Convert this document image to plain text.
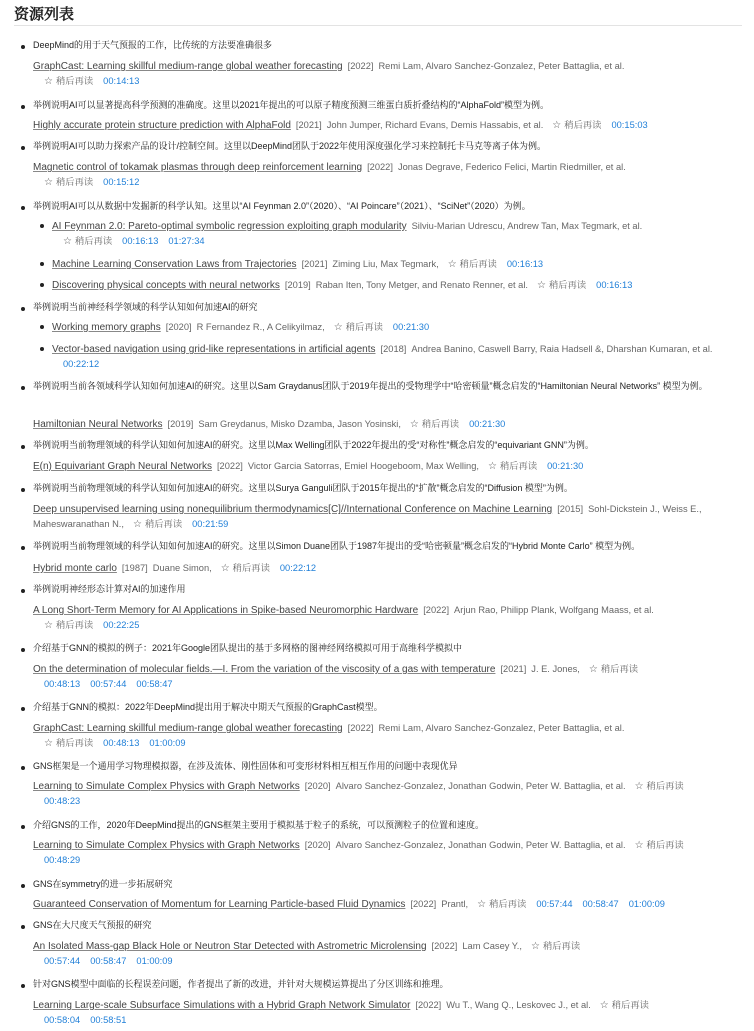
资源列表
DeepMind的用于天气预报的工作，比传统的方法要准确很多
GraphCast: Learning skillful medium-range global weather forecasting [2022] Remi Lam, Alvaro Sanchez-Gonzalez, Peter Battaglia, et al.
☆ 稍后再读 00:14:13
举例说明AI可以显著提高科学预测的准确度。这里以2021年提出的可以原子精度预测三维蛋白质折叠结构的“AlphaFold”模型为例。
Highly accurate protein structure prediction with AlphaFold [2021] John Jumper, Richard Evans, Demis Hassabis, et al. ☆ 稍后再读 00:15:03
举例说明AI可以助力探索产品的设计/控制空间。这里以DeepMind团队于2022年使用深度强化学习来控制托卡马克等离子体为例。
Magnetic control of tokamak plasmas through deep reinforcement learning [2022] Jonas Degrave, Federico Felici, Martin Riedmiller, et al.
☆ 稍后再读 00:15:12
举例说明AI可以从数据中发掘新的科学认知。这里以“AI Feynman 2.0”（2020）、“AI Poincare”（2021）、“SciNet”（2020）为例。
AI Feynman 2.0: Pareto-optimal symbolic regression exploiting graph modularity Silviu-Marian Udrescu, Andrew Tan, Max Tegmark, et al.
☆ 稍后再读 00:16:13 01:27:34
Machine Learning Conservation Laws from Trajectories [2021] Ziming Liu, Max Tegmark, ☆ 稍后再读 00:16:13
Discovering physical concepts with neural networks [2019] Raban Iten, Tony Metger, and Renato Renner, et al. ☆ 稍后再读 00:16:13
举例说明当前神经科学领域的科学认知如何加速AI的研究
Working memory graphs [2020] R Fernandez R., A Celikyilmaz, ☆ 稍后再读 00:21:30
Vector-based navigation using grid-like representations in artificial agents [2018] Andrea Banino, Caswell Barry, Raia Hadsell &, Dharshan Kumaran, et al.
00:22:12
举例说明当前各领域科学认知如何加速AI的研究。这里以Sam Graydanus团队于2019年提出的受物理学中“哈密顿量”概念启发的“Hamiltonian Neural Networks” 模型为例。
Hamiltonian Neural Networks [2019] Sam Greydanus, Misko Dzamba, Jason Yosinski, ☆ 稍后再读 00:21:30
举例说明当前物理领域的科学认知如何加速AI的研究。这里以Max Welling团队于2022年提出的受“对称性”概念启发的“equivariant GNN”为例。
E(n) Equivariant Graph Neural Networks [2022] Victor Garcia Satorras, Emiel Hoogeboom, Max Welling, ☆ 稍后再读 00:21:30
举例说明当前物理领域的科学认知如何加速AI的研究。这里以Surya Ganguli团队于2015年提出的“扩散”概念启发的“Diffusion 模型”为例。
Deep unsupervised learning using nonequilibrium thermodynamics[C]//International Conference on Machine Learning [2015] Sohl-Dickstein J., Weiss E., Maheswaranathan N., ☆ 稍后再读 00:21:59
举例说明当前物理领域的科学认知如何加速AI的研究。这里以Simon Duane团队于1987年提出的受“哈密顿量”概念启发的“Hybrid Monte Carlo” 模型为例。
Hybrid monte carlo [1987] Duane Simon, ☆ 稍后再读 00:22:12
举例说明神经形态计算对AI的加速作用
A Long Short-Term Memory for AI Applications in Spike-based Neuromorphic Hardware [2022] Arjun Rao, Philipp Plank, Wolfgang Maass, et al.
☆ 稍后再读 00:22:25
介绍基于GNN的模拟的例子：2021年Google团队提出的基于多网格的图神经网络模拟可用于高维科学模拟中
On the determination of molecular fields.—I. From the variation of the viscosity of a gas with temperature [2021] J. E. Jones, ☆ 稍后再读
00:48:13 00:57:44 00:58:47
介绍基于GNN的模拟：2022年DeepMind提出用于解决中期天气预报的GraphCast模型。
GraphCast: Learning skillful medium-range global weather forecasting [2022] Remi Lam, Alvaro Sanchez-Gonzalez, Peter Battaglia, et al.
☆ 稍后再读 00:48:13 01:00:09
GNS框架是一个通用学习物理模拟器，在涉及流体、刚性固体和可变形材料相互相互作用的问题中表现优异
Learning to Simulate Complex Physics with Graph Networks [2020] Alvaro Sanchez-Gonzalez, Jonathan Godwin, Peter W. Battaglia, et al. ☆ 稍后再读
00:48:23
介绍GNS的工作，2020年DeepMind提出的GNS框架主要用于模拟基于粒子的系统，可以预测粒子的位置和速度。
Learning to Simulate Complex Physics with Graph Networks [2020] Alvaro Sanchez-Gonzalez, Jonathan Godwin, Peter W. Battaglia, et al. ☆ 稍后再读
00:48:29
GNS在symmetry的进一步拓展研究
Guaranteed Conservation of Momentum for Learning Particle-based Fluid Dynamics [2022] Prantl, ☆ 稍后再读 00:57:44 00:58:47 01:00:09
GNS在大尺度天气预报的研究
An Isolated Mass-gap Black Hole or Neutron Star Detected with Astrometric Microlensing [2022] Lam Casey Y., ☆ 稍后再读
00:57:44 00:58:47 01:00:09
针对GNS模型中面临的长程误差问题，作者提出了新的改进，并针对大规模运算提出了分区训练和推理。
Learning Large-scale Subsurface Simulations with a Hybrid Graph Network Simulator [2022] Wu T., Wang Q., Leskovec J., et al. ☆ 稍后再读
00:58:04 00:58:51
